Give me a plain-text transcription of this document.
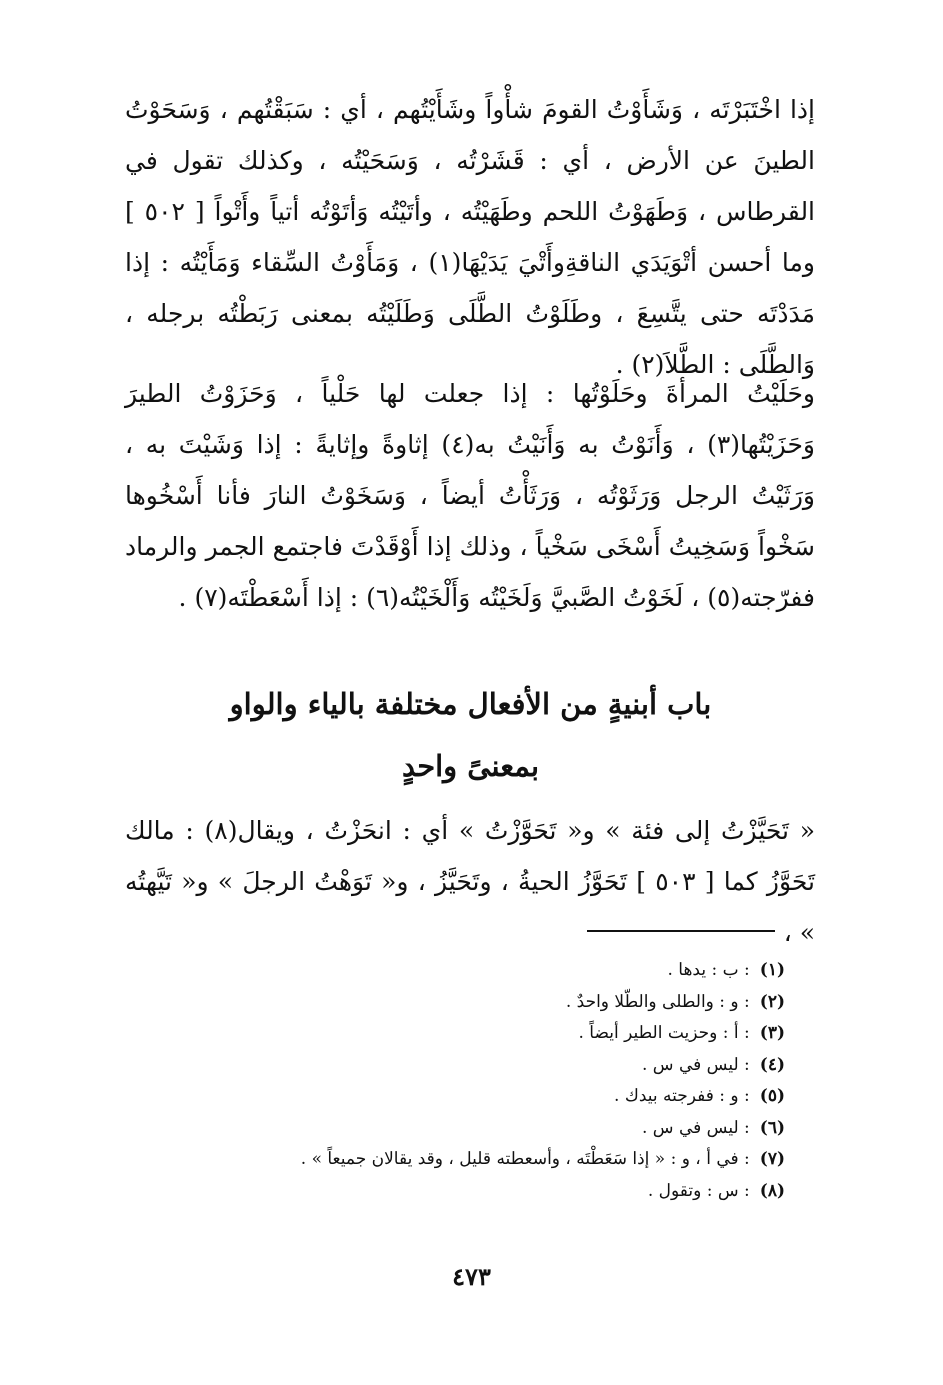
إذا اخْتَبَرْتَه ، وَشَأَوْتُ القومَ شأْواً وشَأَيْتُهم ، أي : سَبَقْتُهم ، وَسَحَوْتُ الطينَ عن الأرض ، أي : قَشَرْتُه ، وَسَحَيْتُه ، وكذلك تقول في القرطاس ، وَطَهَوْتُ اللحم وطَهَيْتُه ، وأتَيْتُه وَأتَوْتُه أتياً وأَتْواً [ ٥٠٢ ] وما أحسن أتْوَيَدَي الناقةِوأَتْيَ يَدَيْهَا(١) ، وَمَأَوْتُ السِّقاء وَمَأَيْتُه : إذا مَدَدْتَه حتى يتَّسِعَ ، وطَلَوْتُ الطَّلَى وَطَلَيْتُه بمعنى رَبَطْتُه برجله ، وَالطَّلَى : الطَّلاَ(٢) .

وحَلَيْتُ المرأةَ وحَلَوْتُها : إذا جعلت لها حَلْياً ، وَحَزَوْتُ الطيرَ وَحَزَيْتُها(٣) ، وَأَنَوْتُ به وَأَنَيْتُ به(٤) إثاوةً وإثايةً : إذا وَشَيْتَ به ، وَرَثَيْتُ الرجل وَرَثَوْتُه ، وَرَثَأْتُ أيضاً ، وَسَخَوْتُ النارَ فأنا أَسْخُوها سَخْواً وَسَخِيتُ أَسْخَى سَخْياً ، وذلك إذا أَوْقَدْتَ فاجتمع الجمر والرماد ففرّجته(٥) ، لَخَوْتُ الصَّبيَّ وَلَخَيْتُه وَأَلْخَيْتُه(٦) : إذا أَسْعَطْتَه(٧) .

باب أبنيةٍ من الأفعال مختلفة بالياء والواو
بمعنىً واحدٍ

« تَحَيَّزْتُ إلى فئة » و« تَحَوَّزْتُ » أي : انحَزْتُ ، ويقال(٨) : مالك تَحَوَّزُ كما [ ٥٠٣ ] تَحَوَّزُ الحيةُ ، وتَحَيَّزُ ، و« تَوَهْتُ الرجلَ » و« تَيَّهتُه » ،

(١): ب : يدها .
(٢): و : والطلى والطّلا واحدٌ .
(٣): أ : وحزيت الطير أيضاً .
(٤): ليس في س .
(٥): و : ففرجته بيدك .
(٦): ليس في س .
(٧): في أ ، و : « إذا سَعَطْتَه ، وأسعطته قليل ، وقد يقالان جميعاً » .
(٨): س : وتقول .
٤٧٣
